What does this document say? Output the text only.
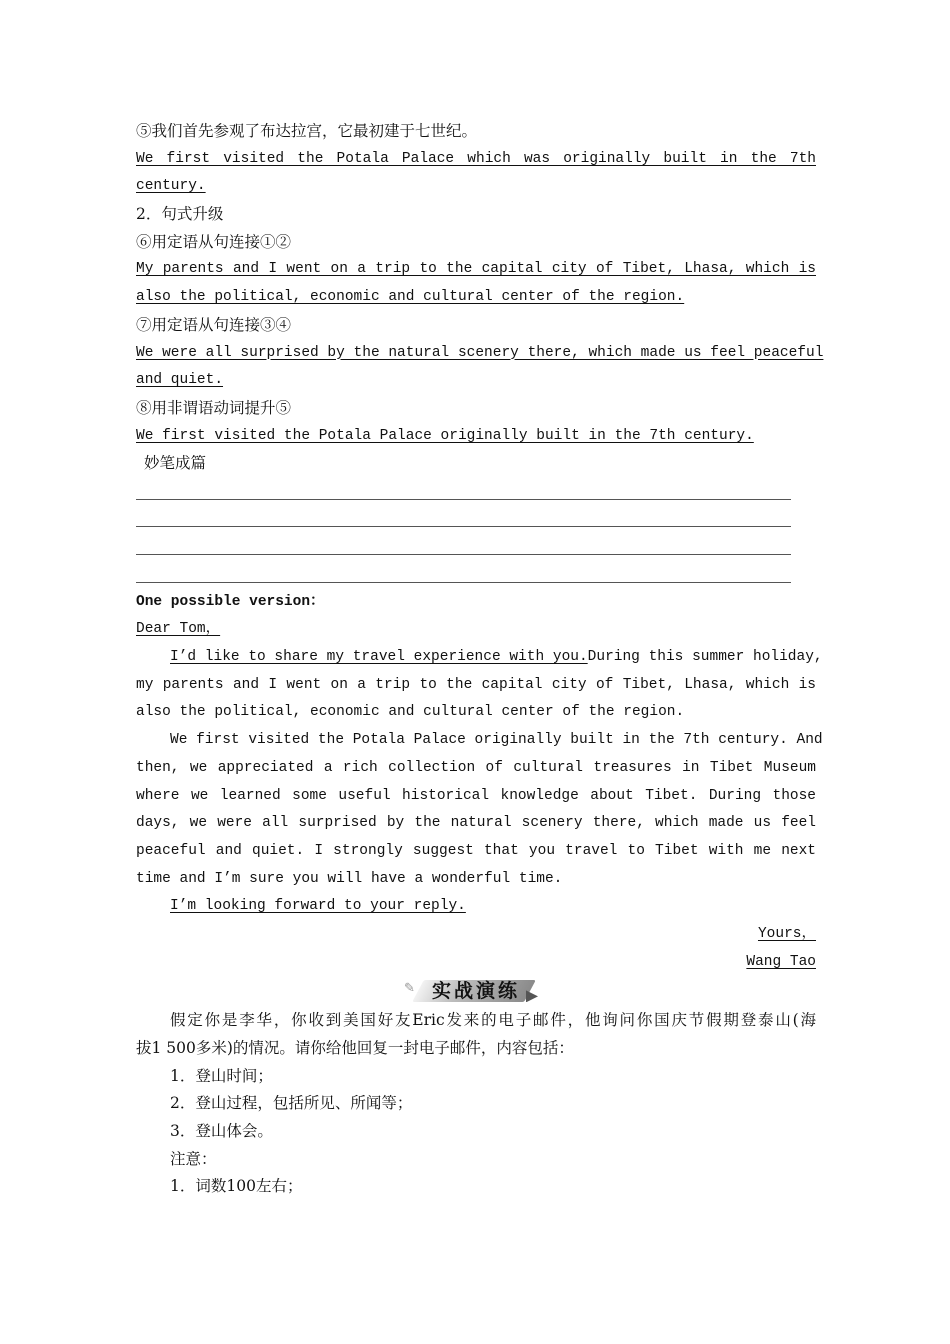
⑤我们首先参观了布达拉宫，它最初建于七世纪。
We first visited the Potala Palace which was originally built in the 7th
century.
2．句式升级
⑥用定语从句连接①②
My parents and I went on a trip to the capital city of Tibet, Lhasa, which is
also the political, economic and cultural center of the region.
⑦用定语从句连接③④
We were all surprised by the natural scenery there, which made us feel peaceful
and quiet.
⑧用非谓语动词提升⑤
We first visited the Potala Palace originally built in the 7th century.
妙笔成篇
One possible version：
Dear Tom，
I’d like to share my travel experience with you.During this summer holiday,
my parents and I went on a trip to the capital city of Tibet, Lhasa, which is
also the political, economic and cultural center of the region.
We first visited the Potala Palace originally built in the 7th century. And
then, we appreciated a rich collection of cultural treasures in Tibet Museum
where we learned some useful historical knowledge about Tibet. During those
days, we were all surprised by the natural scenery there, which made us feel
peaceful and quiet. I strongly suggest that you travel to Tibet with me next
time and I’m sure you will have a wonderful time.
I’m looking forward to your reply.
Yours，
Wang Tao
✎ 实战演练
假定你是李华，你收到美国好友Eric发来的电子邮件，他询问你国庆节假期登泰山(海
拔1 500多米)的情况。请你给他回复一封电子邮件，内容包括：
1．登山时间；
2．登山过程，包括所见、所闻等；
3．登山体会。
注意：
1．词数100左右；
